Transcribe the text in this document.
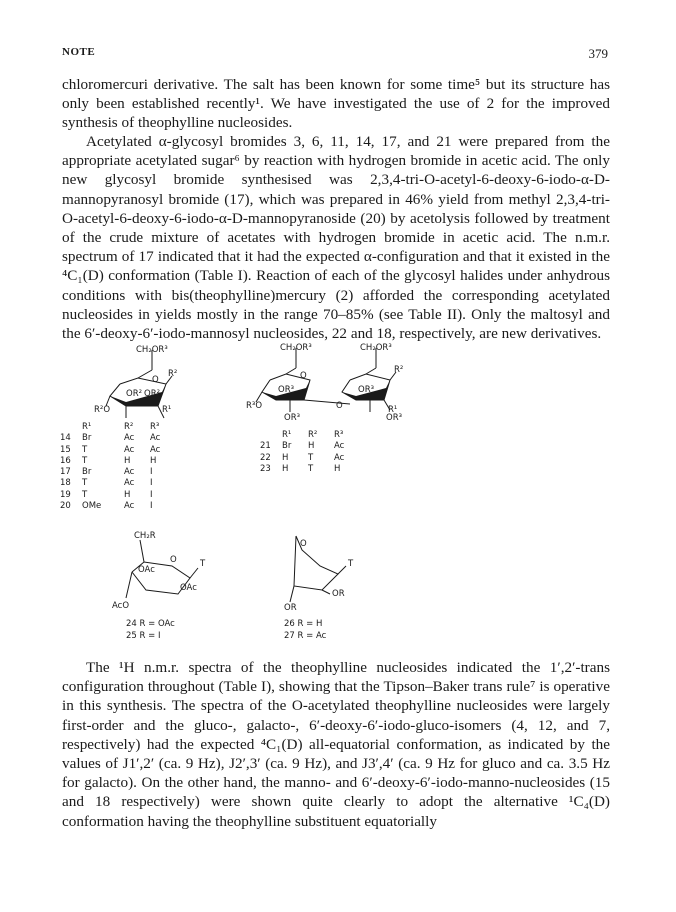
NOTE	379

chloromercuri derivative. The salt has been known for some time⁵ but its structure has only been established recently¹. We have investigated the use of 2 for the improved synthesis of theophylline nucleosides.

Acetylated α-glycosyl bromides 3, 6, 11, 14, 17, and 21 were prepared from the appropriate acetylated sugar⁶ by reaction with hydrogen bromide in acetic acid. The only new glycosyl bromide synthesised was 2,3,4-tri-O-acetyl-6-deoxy-6-iodo-α-D-mannopyranosyl bromide (17), which was prepared in 46% yield from methyl 2,3,4-tri-O-acetyl-6-deoxy-6-iodo-α-D-mannopyranoside (20) by acetolysis followed by treatment of the crude mixture of acetates with hydrogen bromide in acetic acid. The n.m.r. spectrum of 17 indicated that it had the expected α-configuration and that it existed in the ⁴C₁(D) conformation (Table I). Reaction of each of the glycosyl halides under anhydrous conditions with bis(theophylline)mercury (2) afforded the corresponding acetylated nucleosides in yields mostly in the range 70–85% (see Table II). Only the maltosyl and the 6′-deoxy-6′-iodo-mannosyl nucleosides, 22 and 18, respectively, are new derivatives.

CH₂OR³
O
R²
OR² OR²
R²O	R¹
CH₂OR³	CH₂OR³
O
OR³	OR³
R³O	O
R²
R¹
OR³	OR³
CH₂R
OAc
O	T
OAc
AcO
24 R = OAc
25 R = I
O
T
OR
OR
26 R = H
27 R = Ac
R¹	R² R³
14 Br	Ac Ac
15 T	Ac Ac
16 T	H H
17 Br	Ac I
18 T	Ac I
19 T	H I
20 OMe	Ac I
R¹ R² R³
21 Br H Ac
22 H T Ac
23 H T H

The ¹H n.m.r. spectra of the theophylline nucleosides indicated the 1′,2′-trans configuration throughout (Table I), showing that the Tipson–Baker trans rule⁷ is operative in this synthesis. The spectra of the O-acetylated theophylline nucleosides were largely first-order and the gluco-, galacto-, 6′-deoxy-6′-iodo-gluco-isomers (4, 12, and 7, respectively) had the expected ⁴C₁(D) all-equatorial conformation, as indicated by the values of J1′,2′ (ca. 9 Hz), J2′,3′ (ca. 9 Hz), and J3′,4′ (ca. 9 Hz for gluco and ca. 3.5 Hz for galacto). On the other hand, the manno- and 6′-deoxy-6′-iodo-manno-nucleosides (15 and 18 respectively) were shown quite clearly to adopt the alternative ¹C₄(D) conformation having the theophylline substituent equatorially
